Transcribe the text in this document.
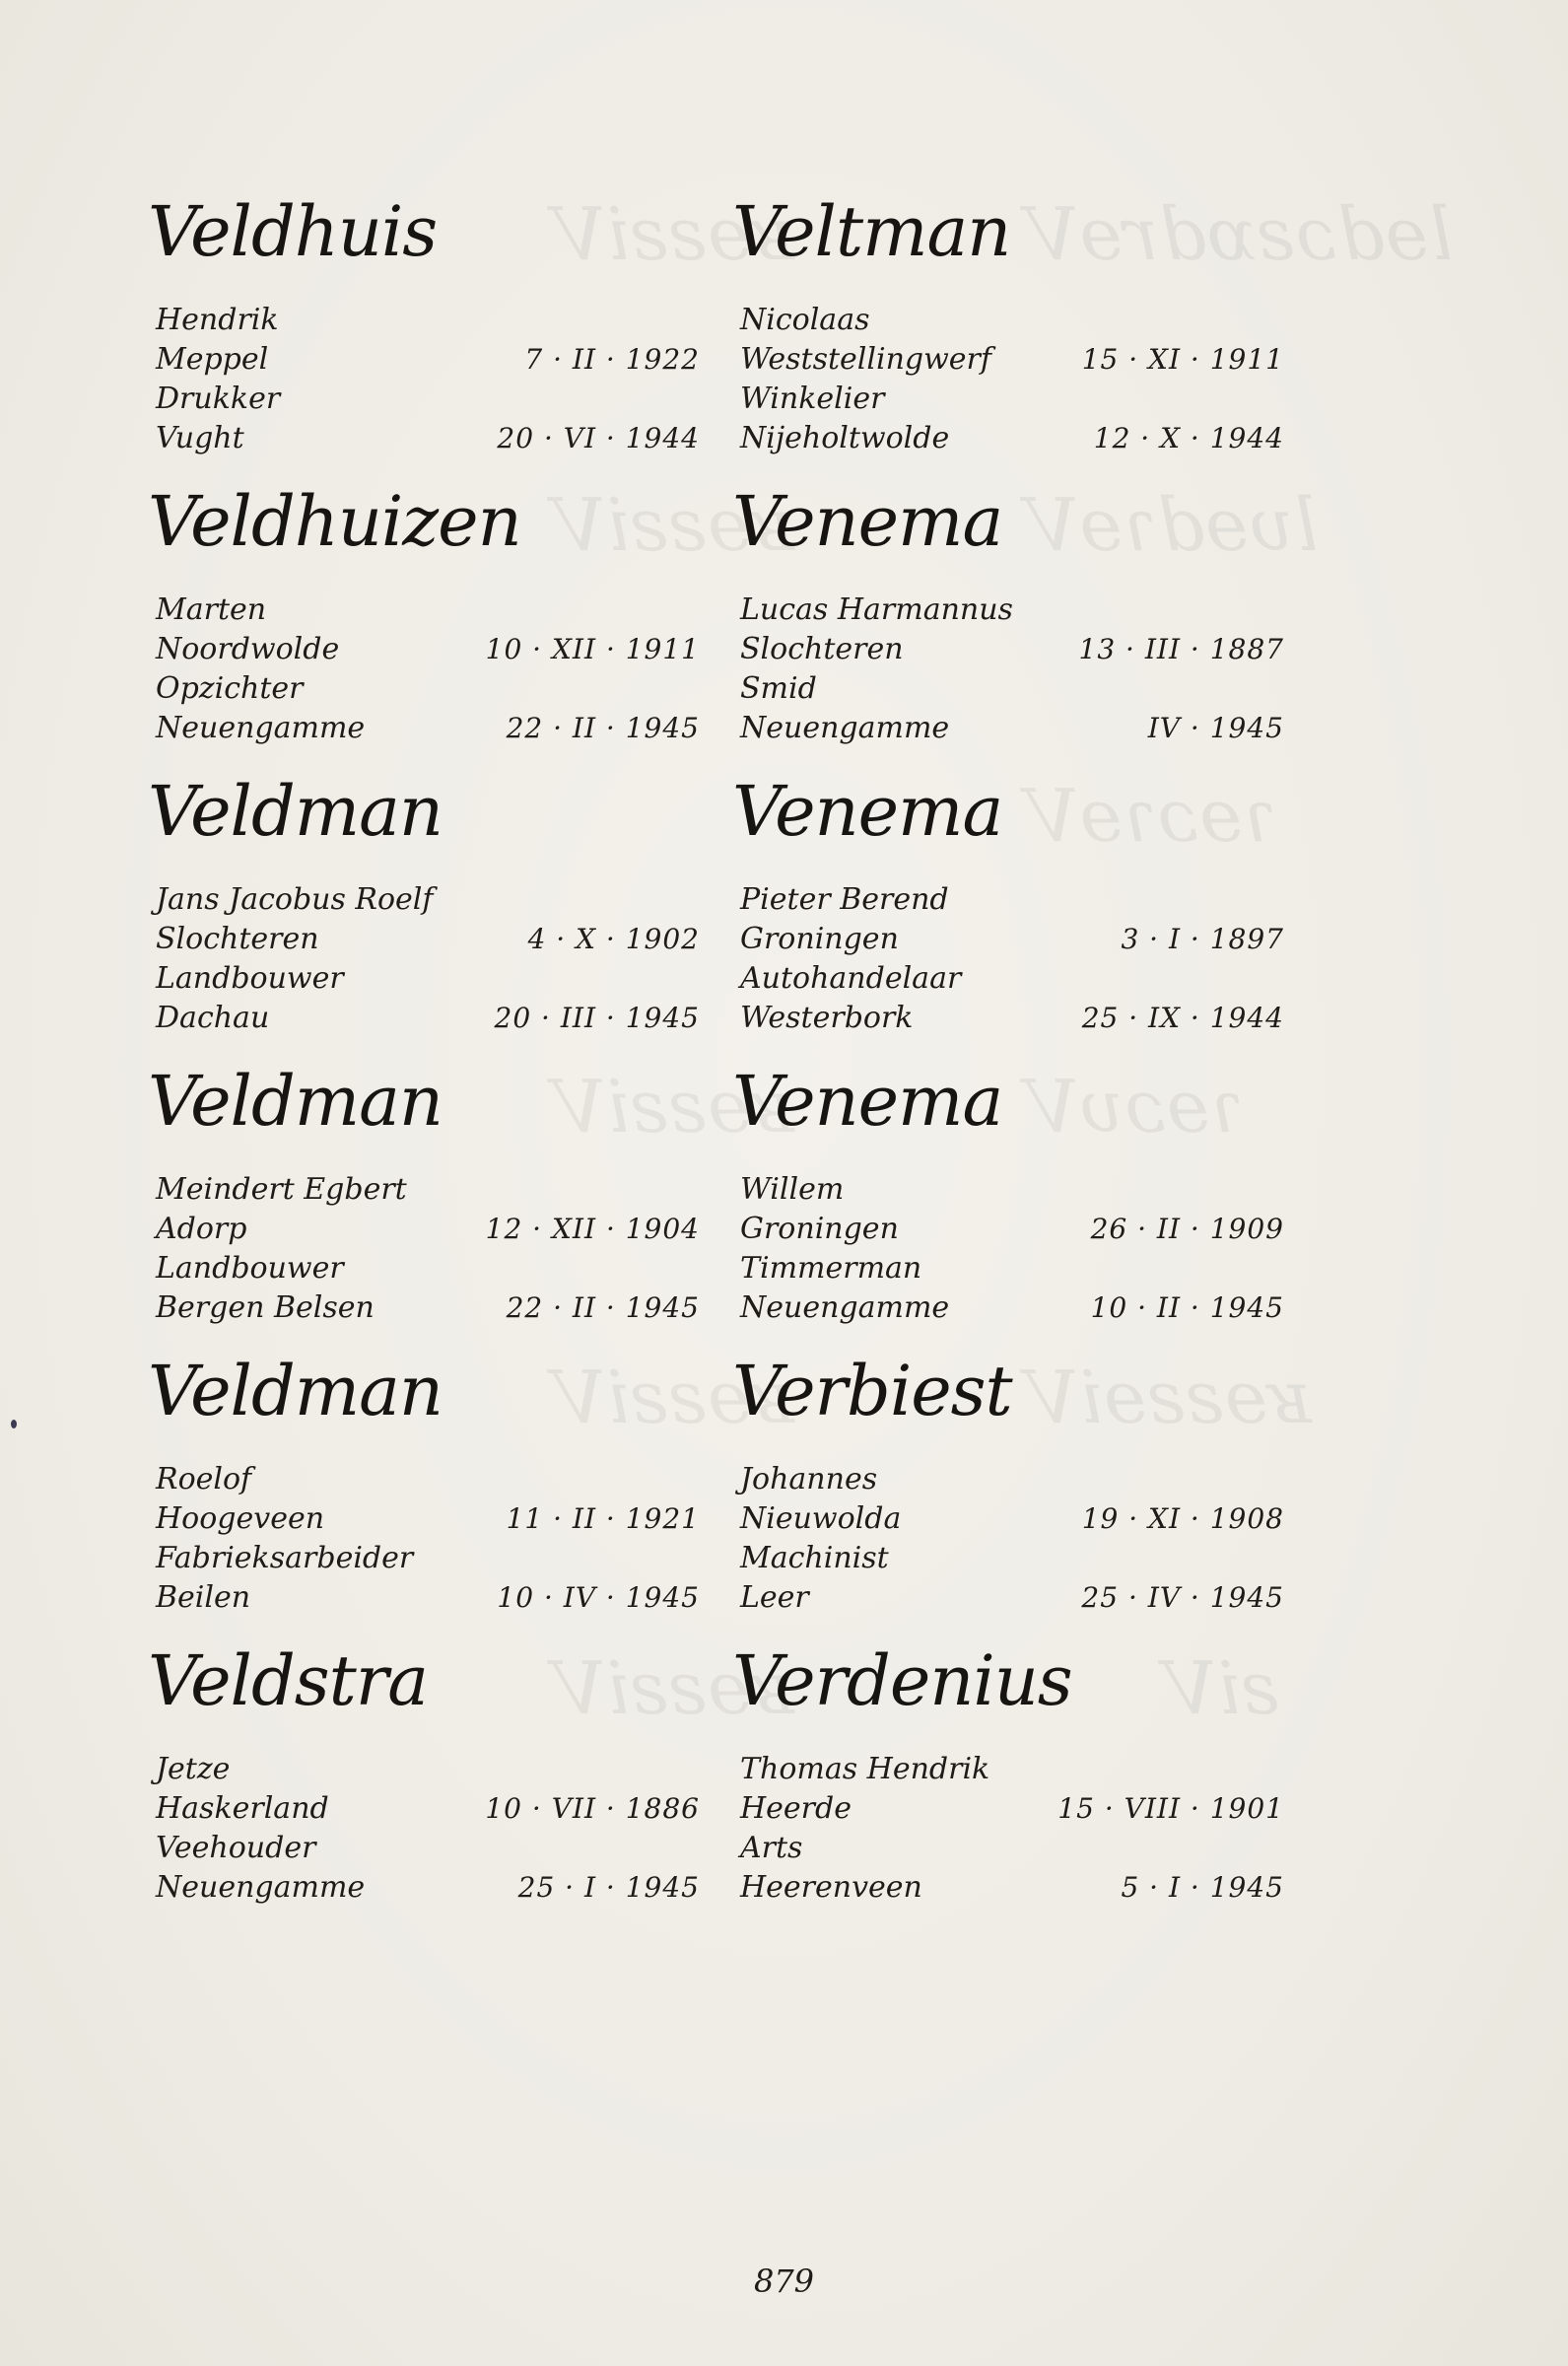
ʁɘƨƨiV	lɘdɔƨɒdrɘV
ʁɘƨƨiV	lυɘdɿɘV
ɿɘɔɿɘV
ʁɘƨƨiV	ɿɘɔυV
ʁɘƨƨiV	ʁɘƨƨɘiV
ʁɘƨƨiV	ƨiV
Veldhuis
Hendrik
Meppel	7 · II · 1922
Drukker
Vught	20 · VI · 1944
Veldhuizen
Marten
Noordwolde	10 · XII · 1911
Opzichter
Neuengamme	22 · II · 1945
Veldman
Jans Jacobus Roelf
Slochteren	4 · X · 1902
Landbouwer
Dachau	20 · III · 1945
Veldman
Meindert Egbert
Adorp	12 · XII · 1904
Landbouwer
Bergen Belsen	22 · II · 1945
Veldman
Roelof
Hoogeveen	11 · II · 1921
Fabrieksarbeider
Beilen	10 · IV · 1945
Veldstra
Jetze
Haskerland	10 · VII · 1886
Veehouder
Neuengamme	25 · I · 1945
Veltman
Nicolaas
Weststellingwerf	15 · XI · 1911
Winkelier
Nijeholtwolde	12 · X · 1944
Venema
Lucas Harmannus
Slochteren	13 · III · 1887
Smid
Neuengamme	IV · 1945
Venema
Pieter Berend
Groningen	3 · I · 1897
Autohandelaar
Westerbork	25 · IX · 1944
Venema
Willem
Groningen	26 · II · 1909
Timmerman
Neuengamme	10 · II · 1945
Verbiest
Johannes
Nieuwolda	19 · XI · 1908
Machinist
Leer	25 · IV · 1945
Verdenius
Thomas Hendrik
Heerde	15 · VIII · 1901
Arts
Heerenveen	5 · I · 1945
879
